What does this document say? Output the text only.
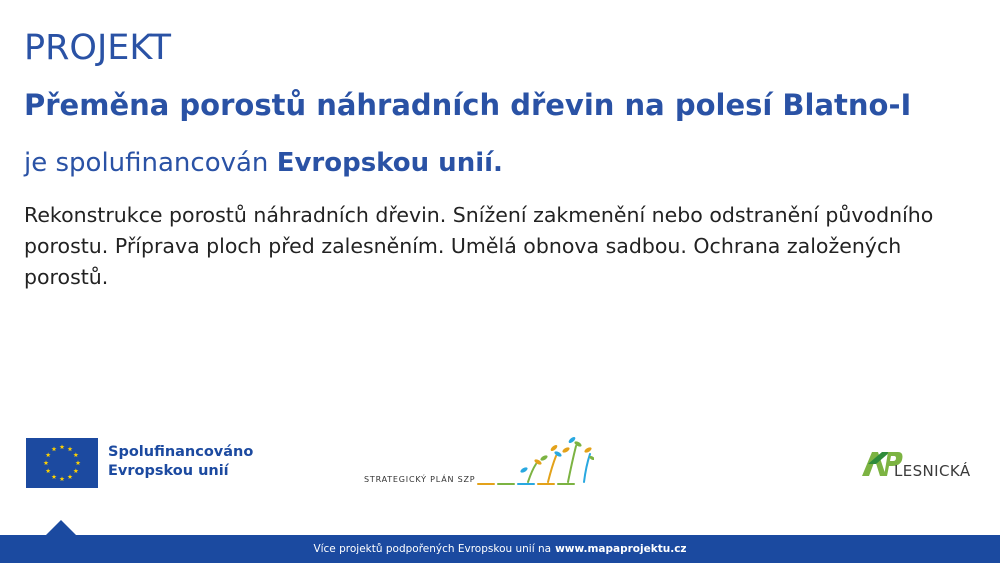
PROJEKT
Přeměna porostů náhradních dřevin na polesí Blatno-I

je spolufinancován Evropskou unií.

Rekonstrukce porostů náhradních dřevin. Snížení zakmenění nebo odstranění původního porostu. Příprava ploch před zalesněním. Umělá obnova sadbou. Ochrana založených porostů.

Spolufinancováno
Evropskou unií
STRATEGICKÝ PLÁN SZP	LESNICKÁ
Více projektů podpořených Evropskou unií na www.mapaprojektu.cz
